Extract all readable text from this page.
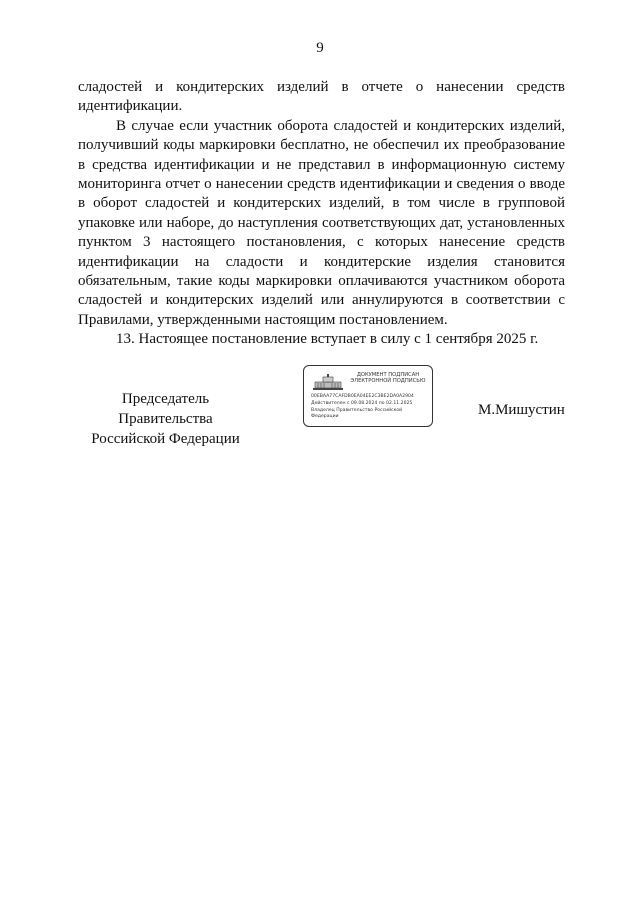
9

сладостей и кондитерских изделий в отчете о нанесении средств идентификации.

В случае если участник оборота сладостей и кондитерских изделий, получивший коды маркировки бесплатно, не обеспечил их преобразование в средства идентификации и не представил в информационную систему мониторинга отчет о нанесении средств идентификации и сведения о вводе в оборот сладостей и кондитерских изделий, в том числе в групповой упаковке или наборе, до наступления соответствующих дат, установленных пунктом 3 настоящего постановления, с которых нанесение средств идентификации на сладости и кондитерские изделия становится обязательным, такие коды маркировки оплачиваются участником оборота сладостей и кондитерских изделий или аннулируются в соответствии с Правилами, утвержденными настоящим постановлением.

13. Настоящее постановление вступает в силу с 1 сентября 2025 г.

Председатель Правительства
Российской Федерации
ДОКУМЕНТ ПОДПИСАН
ЭЛЕКТРОННОЙ ПОДПИСЬЮ
00EBAA77CAFDB0EA04EE2C3BE2DA0A2904
Действителен с 09.08.2024 по 02.11.2025
Владелец Правительство Российской
Федерации	М.Мишустин
